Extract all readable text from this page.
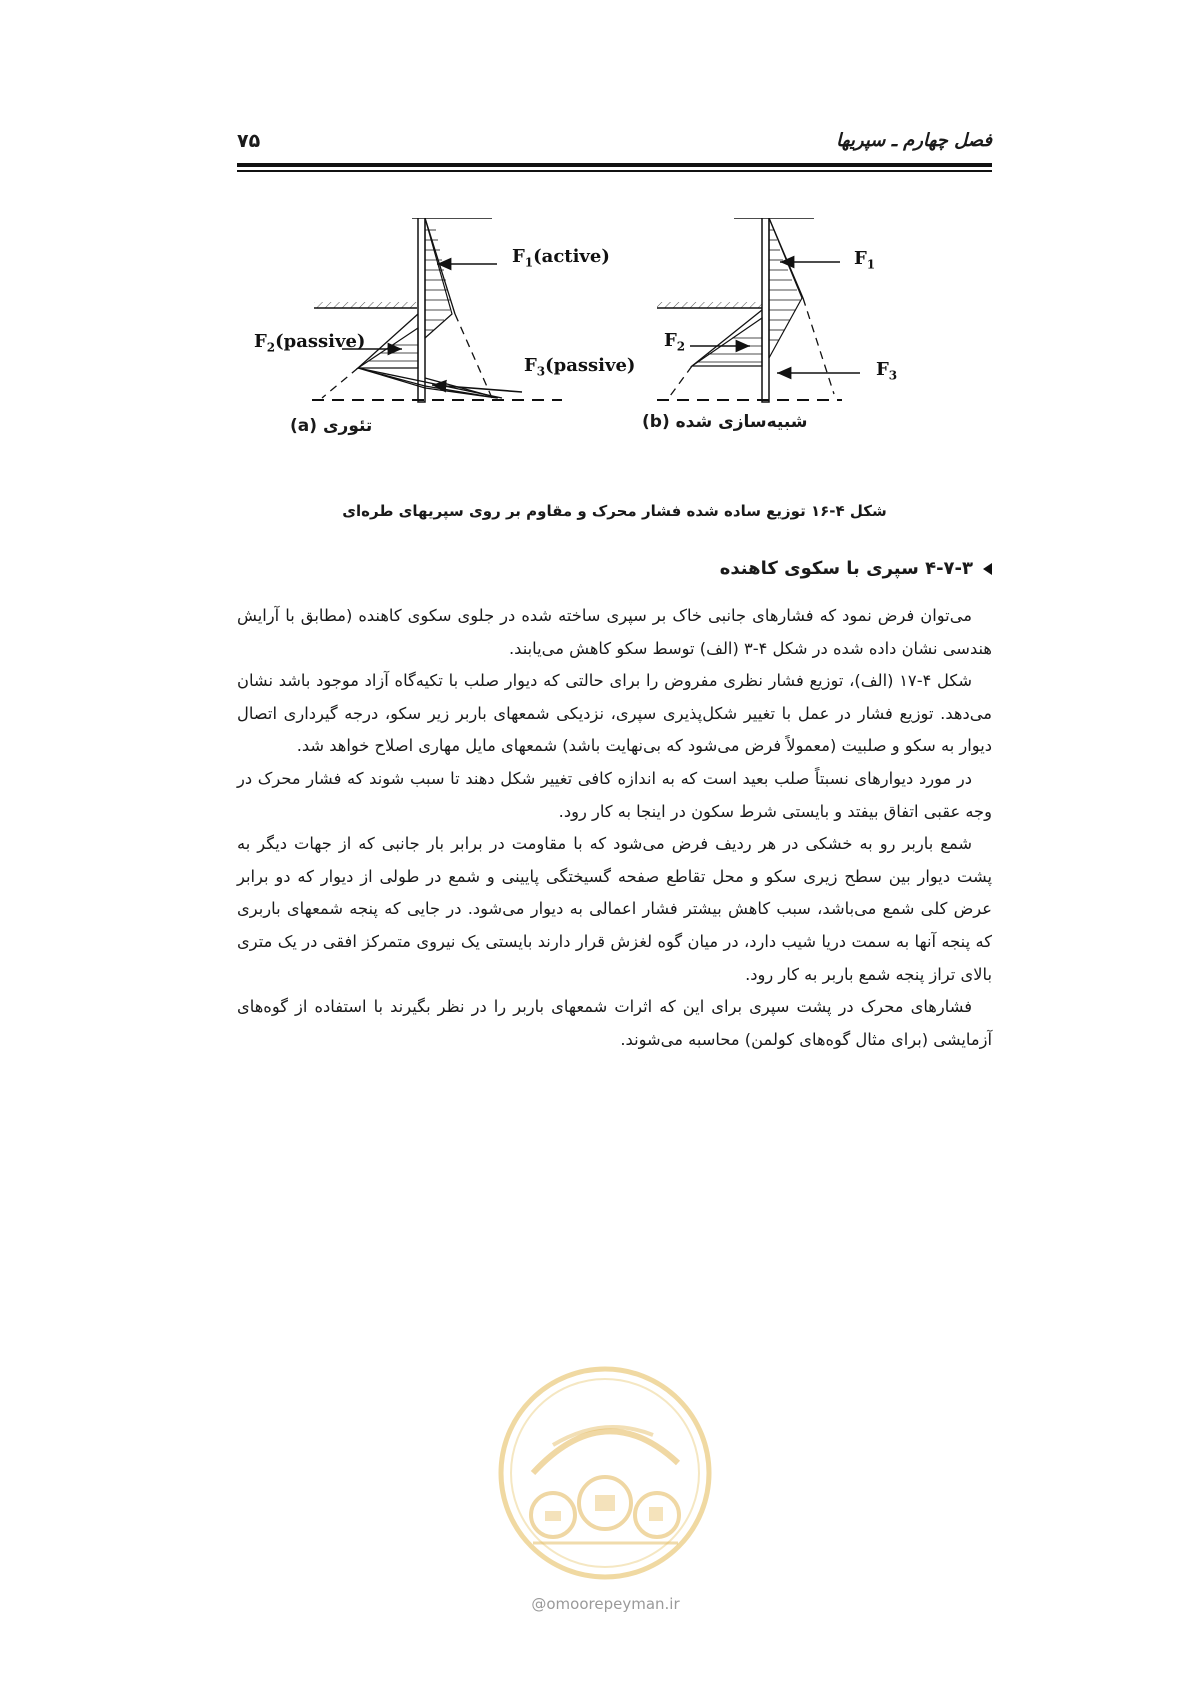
۷۵	فصل چهارم ـ سپریها
$F_1(active)$
$F_2(passive)$
$F_3(passive)$
تئوری (a)
$F_1$
$F_2$
$F_3$
شبیه‌سازی شده (b)
شکل ۴-۱۶ توزیع ساده شده فشار محرک و مقاوم بر روی سپریهای طره‌ای
۴-۷-۳ سپری با سکوی کاهنده

می‌توان فرض نمود که فشارهای جانبی خاک بر سپری ساخته شده در جلوی سکوی کاهنده (مطابق با آرایش هندسی نشان داده شده در شکل ۴-۳ (الف) توسط سکو کاهش می‌یابند.

شکل ۴-۱۷ (الف)، توزیع فشار نظری مفروض را برای حالتی که دیوار صلب با تکیه‌گاه آزاد موجود باشد نشان می‌دهد. توزیع فشار در عمل با تغییر شکل‌پذیری سپری، نزدیکی شمعهای باربر زیر سکو، درجه گیرداری اتصال دیوار به سکو و صلبیت (معمولاً فرض می‌شود که بی‌نهایت باشد) شمعهای مایل مهاری اصلاح خواهد شد.

در مورد دیوارهای نسبتاً صلب بعید است که به اندازه کافی تغییر شکل دهند تا سبب شوند که فشار محرک در وجه عقبی اتفاق بیفتد و بایستی شرط سکون در اینجا به کار رود.

شمع باربر رو به خشکی در هر ردیف فرض می‌شود که با مقاومت در برابر بار جانبی که از جهات دیگر به پشت دیوار بین سطح زیری سکو و محل تقاطع صفحه گسیختگی پایینی و شمع در طولی از دیوار که دو برابر عرض کلی شمع می‌باشد، سبب کاهش بیشتر فشار اعمالی به دیوار می‌شود. در جایی که پنجه شمعهای باربری که پنجه آنها به سمت دریا شیب دارد، در میان گوه لغزش قرار دارند بایستی یک نیروی متمرکز افقی در یک متری بالای تراز پنجه شمع باربر به کار رود.

فشارهای محرک در پشت سپری برای این که اثرات شمعهای باربر را در نظر بگیرند با استفاده از گوه‌های آزمایشی (برای مثال گوه‌های کولمن) محاسبه می‌شوند.

@omoorepeyman.ir
